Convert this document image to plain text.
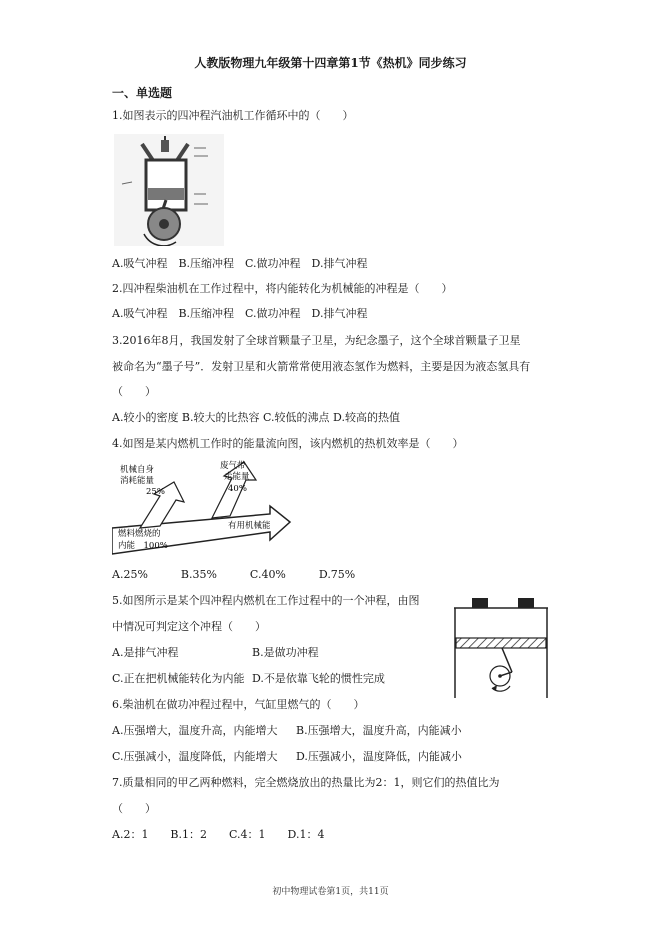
人教版物理九年级第十四章第1节《热机》同步练习
一、单选题
1.如图表示的四冲程汽油机工作循环中的（　　）
A.吸气冲程　B.压缩冲程　C.做功冲程　D.排气冲程
2.四冲程柴油机在工作过程中，将内能转化为机械能的冲程是（　　）
A.吸气冲程　B.压缩冲程　C.做功冲程　D.排气冲程
3.2016年8月，我国发射了全球首颗量子卫星，为纪念墨子，这个全球首颗量子卫星
被命名为“墨子号”．发射卫星和火箭常常使用液态氢作为燃料，主要是因为液态氢具有
（　　）
A.较小的密度 B.较大的比热容 C.较低的沸点 D.较高的热值
4.如图是某内燃机工作时的能量流向图，该内燃机的热机效率是（　　）
机械自身
消耗能量
25%
废气带
走能量
40%
燃料燃烧的
内能　100%
有用机械能
A.25%　　　B.35%　　　C.40%　　　D.75%
5.如图所示是某个四冲程内燃机在工作过程中的一个冲程，由图
中情况可判定这个冲程（　　）
A.是排气冲程	B.是做功冲程
C.正在把机械能转化为内能 D.不是依靠飞轮的惯性完成
6.柴油机在做功冲程过程中，气缸里燃气的（　　）
A.压强增大，温度升高，内能增大 B.压强增大，温度升高，内能减小
C.压强减小，温度降低，内能增大 D.压强减小，温度降低，内能减小
7.质量相同的甲乙两种燃料，完全燃烧放出的热量比为2：1，则它们的热值比为
（　　）
A.2：1　　B.1：2　　C.4：1　　D.1：4
初中物理试卷第1页，共11页
